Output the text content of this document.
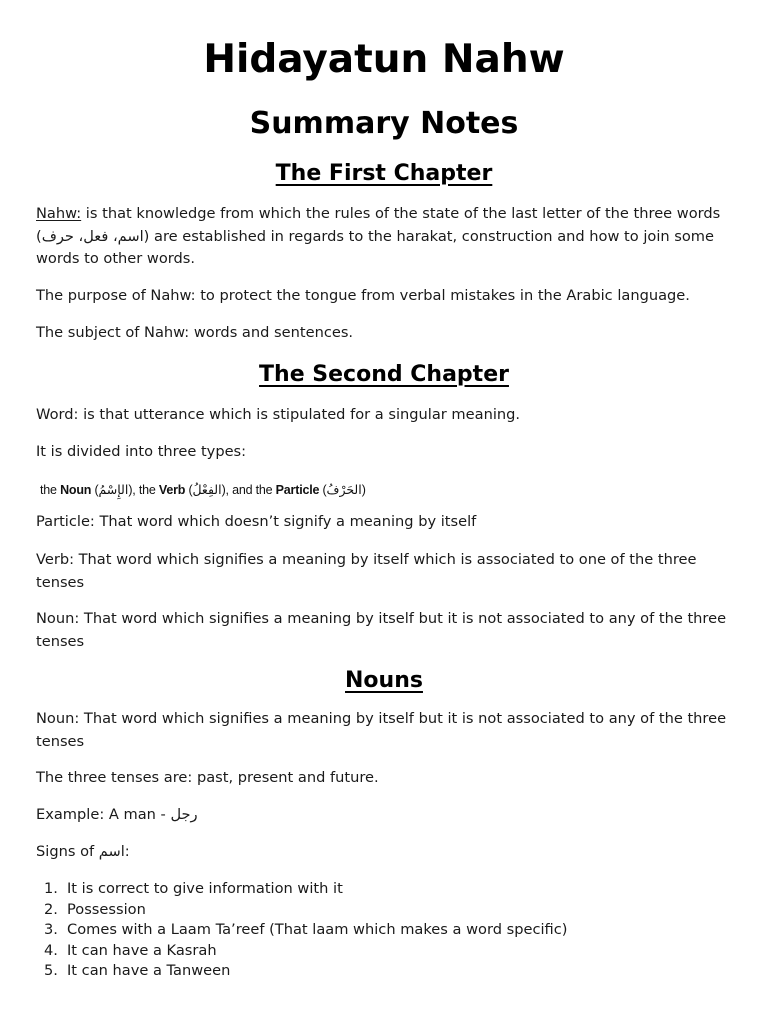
Hidayatun Nahw
Summary Notes
The First Chapter

Nahw: is that knowledge from which the rules of the state of the last letter of the three words (اسم، فعل، حرف) are established in regards to the harakat, construction and how to join some words to other words.

The purpose of Nahw: to protect the tongue from verbal mistakes in the Arabic language.

The subject of Nahw: words and sentences.

The Second Chapter

Word: is that utterance which is stipulated for a singular meaning.

It is divided into three types:

the Noun (الإِسْمُ), the Verb (الفِعْلُ), and the Particle (الحَرْفُ)

Particle: That word which doesn’t signify a meaning by itself

Verb: That word which signifies a meaning by itself which is associated to one of the three tenses

Noun: That word which signifies a meaning by itself but it is not associated to any of the three tenses

Nouns

Noun: That word which signifies a meaning by itself but it is not associated to any of the three tenses

The three tenses are: past, present and future.

Example: A man - رجل

Signs of اسم:

1. It is correct to give information with it
2. Possession
3. Comes with a Laam Ta’reef (That laam which makes a word specific)
4. It can have a Kasrah
5. It can have a Tanween
